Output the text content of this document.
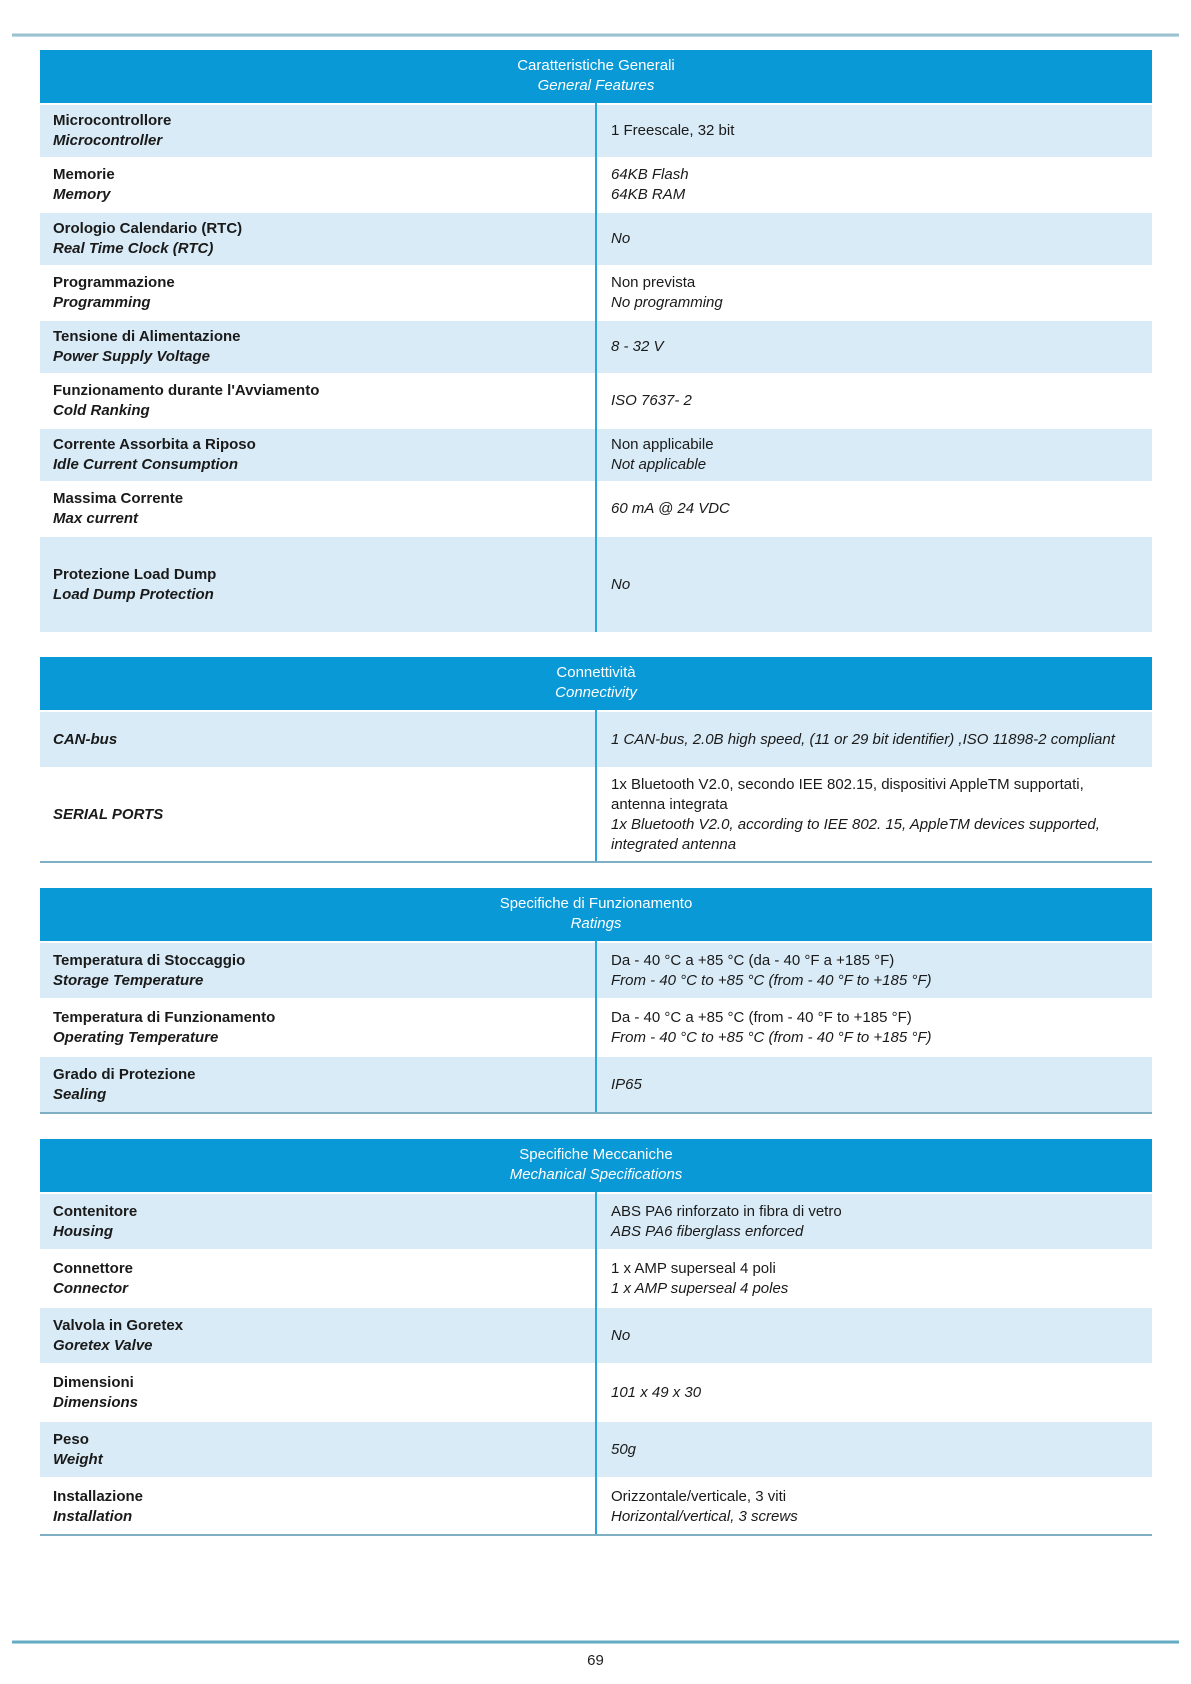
Caratteristiche Generali
General Features
Microcontrollore
Microcontroller
1 Freescale, 32 bit
Memorie
Memory
64KB Flash
64KB RAM
Orologio Calendario (RTC)
Real Time Clock (RTC)
No
Programmazione
Programming
Non prevista
No programming
Tensione di Alimentazione
Power Supply Voltage
8 - 32 V
Funzionamento durante l'Avviamento
Cold Ranking
ISO 7637- 2
Corrente Assorbita a Riposo
Idle Current Consumption
Non applicabile
Not applicable
Massima Corrente
Max current
60 mA @ 24 VDC
Protezione Load Dump
Load Dump Protection
No
Connettività
Connectivity
CAN-bus	1 CAN-bus, 2.0B high speed, (11 or 29 bit identifier) ,ISO 11898-2 compliant
SERIAL PORTS
1x Bluetooth V2.0, secondo IEE 802.15, dispositivi AppleTM supportati, antenna integrata
1x Bluetooth V2.0, according to IEE 802. 15, AppleTM devices supported, integrated antenna
Specifiche di Funzionamento
Ratings
Temperatura di Stoccaggio
Storage Temperature
Da - 40 °C a +85 °C (da - 40 °F a +185 °F)
From - 40 °C to +85 °C (from - 40 °F to +185 °F)
Temperatura di Funzionamento
Operating Temperature
Da - 40 °C a +85 °C (from - 40 °F to +185 °F)
From - 40 °C to +85 °C (from - 40 °F to +185 °F)
Grado di Protezione
Sealing
IP65
Specifiche Meccaniche
Mechanical Specifications
Contenitore
Housing
ABS PA6 rinforzato in fibra di vetro
ABS PA6 fiberglass enforced
Connettore
Connector
1 x AMP superseal 4 poli
1 x AMP superseal 4 poles
Valvola in Goretex
Goretex Valve
No
Dimensioni
Dimensions
101 x 49 x 30
Peso
Weight
50g
Installazione
Installation
Orizzontale/verticale, 3 viti
Horizontal/vertical, 3 screws
69
